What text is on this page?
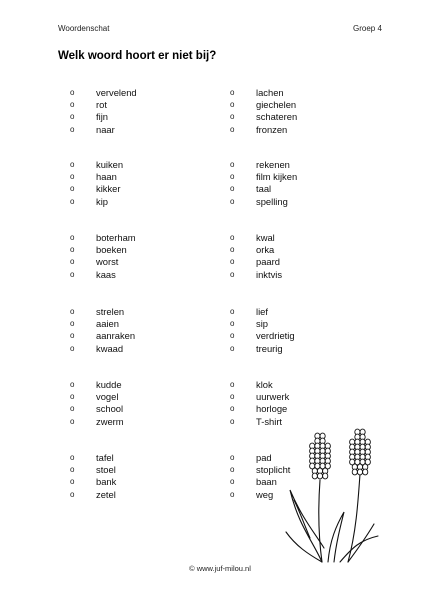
Woordenschat	Groep 4
Welk woord hoort er niet bij?
o	vervelend
o	rot
o	fijn
o	naar
o	lachen
o	giechelen
o	schateren
o	fronzen
o	kuiken
o	haan
o	kikker
o	kip
o	rekenen
o	film kijken
o	taal
o	spelling
o	boterham
o	boeken
o	worst
o	kaas
o	kwal
o	orka
o	paard
o	inktvis
o	strelen
o	aaien
o	aanraken
o	kwaad
o	lief
o	sip
o	verdrietig
o	treurig
o	kudde
o	vogel
o	school
o	zwerm
o	klok
o	uurwerk
o	horloge
o	T-shirt
o	tafel
o	stoel
o	bank
o	zetel
o	pad
o	stoplicht
o	baan
o	weg
© www.juf-milou.nl
